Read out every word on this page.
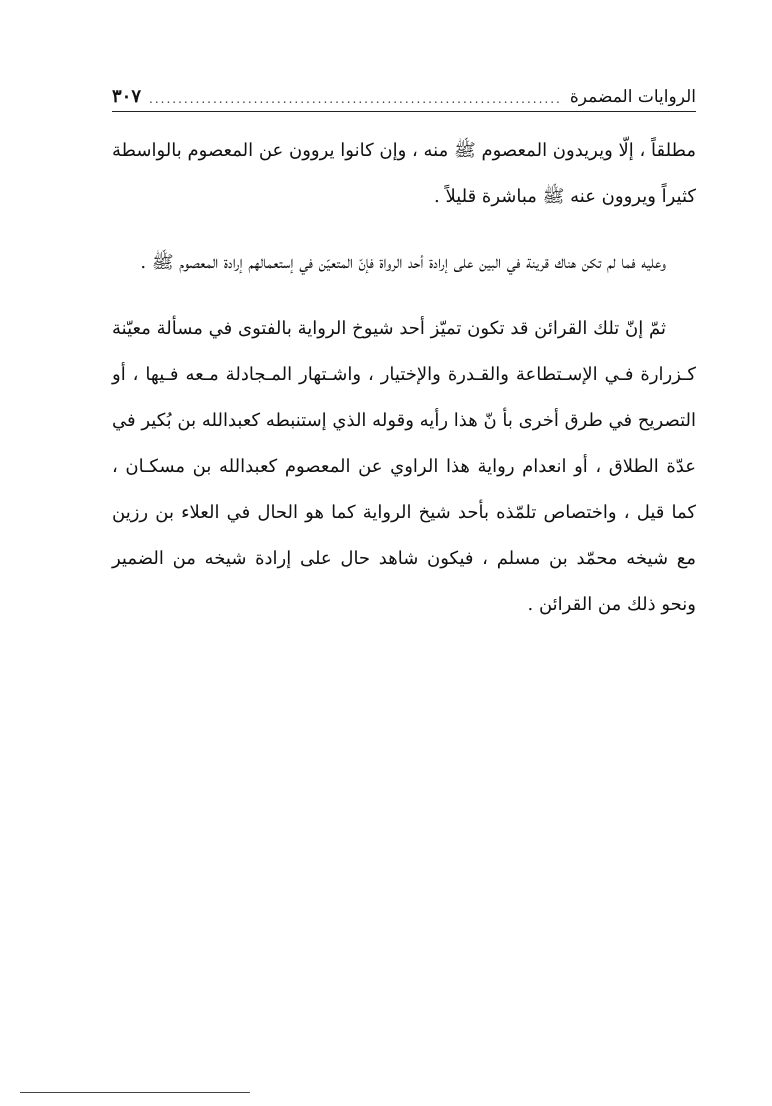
الروايات المضمرة
.....
٣٠٧

مطلقاً ، إلّا ويريدون المعصوم ﷺ منه ، وإن كانوا يروون عن المعصوم بالواسطة كثيراً ويروون عنه ﷺ مباشرة قليلاً .

وعليه فما لم تكن هناك قرينة في البين على إرادة أحد الرواة فإنّ المتعيّن في إستعمالهم إرادة المعصوم ﷺ .

ثمّ إنّ تلك القرائن قد تكون تميّز أحد شيوخ الرواية بالفتوى في مسألة معيّنة كـزرارة فـي الإسـتطاعة والقـدرة والإختيار ، واشـتهار المـجادلة مـعه فـيها ، أو التصريح في طرق أخرى بأ نّ هذا رأيه وقوله الذي إستنبطه كعبدالله بن بُكير في عدّة الطلاق ، أو انعدام رواية هذا الراوي عن المعصوم كعبدالله بن مسكـان ، كما قيل ، واختصاص تلمّذه بأحد شيخ الرواية كما هو الحال في العلاء بن رزين مع شيخه محمّد بن مسلم ، فيكون شاهد حال على إرادة شيخه من الضمير ونحو ذلك من القرائن .
